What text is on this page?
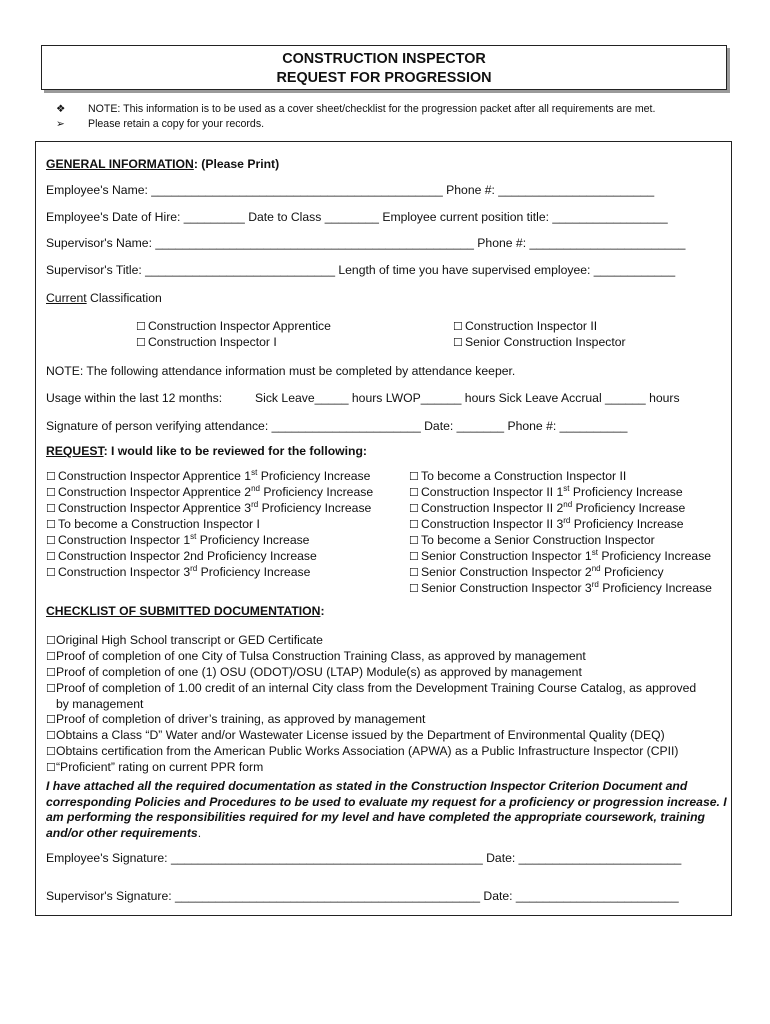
CONSTRUCTION INSPECTOR
REQUEST FOR PROGRESSION
❖	NOTE: This information is to be used as a cover sheet/checklist for the progression packet after all requirements are met.
➢	Please retain a copy for your records.
GENERAL INFORMATION: (Please Print)
Employee's Name: ___________________________________________ Phone #: _______________________
Employee's Date of Hire: _________ Date to Class ________ Employee current position title: _________________
Supervisor's Name: _______________________________________________ Phone #: _______________________
Supervisor's Title: ____________________________ Length of time you have supervised employee: ____________
Current Classification
☐ Construction Inspector Apprentice
☐ Construction Inspector I
☐ Construction Inspector II
☐ Senior Construction Inspector
NOTE: The following attendance information must be completed by attendance keeper.
Usage within the last 12 months:	Sick Leave_____ hours LWOP______ hours Sick Leave Accrual ______ hours
Signature of person verifying attendance: ______________________ Date: _______ Phone #: __________
REQUEST: I would like to be reviewed for the following:
☐ Construction Inspector Apprentice 1st Proficiency Increase
☐ Construction Inspector Apprentice 2nd Proficiency Increase
☐ Construction Inspector Apprentice 3rd Proficiency Increase
☐ To become a Construction Inspector I
☐ Construction Inspector 1st Proficiency Increase
☐ Construction Inspector 2nd Proficiency Increase
☐ Construction Inspector 3rd Proficiency Increase
☐ To become a Construction Inspector II
☐ Construction Inspector II 1st Proficiency Increase
☐ Construction Inspector II 2nd Proficiency Increase
☐ Construction Inspector II 3rd Proficiency Increase
☐ To become a Senior Construction Inspector
☐ Senior Construction Inspector 1st Proficiency Increase
☐ Senior Construction Inspector 2nd Proficiency
☐ Senior Construction Inspector 3rd Proficiency Increase
CHECKLIST OF SUBMITTED DOCUMENTATION:
☐Original High School transcript or GED Certificate
☐Proof of completion of one City of Tulsa Construction Training Class, as approved by management
☐Proof of completion of one (1) OSU (ODOT)/OSU (LTAP) Module(s) as approved by management
☐Proof of completion of 1.00 credit of an internal City class from the Development Training Course Catalog, as approved
by management
☐Proof of completion of driver’s training, as approved by management
☐Obtains a Class “D” Water and/or Wastewater License issued by the Department of Environmental Quality (DEQ)
☐Obtains certification from the American Public Works Association (APWA) as a Public Infrastructure Inspector (CPII)
☐“Proficient” rating on current PPR form
I have attached all the required documentation as stated in the Construction Inspector Criterion Document and corresponding Policies and Procedures to be used to evaluate my request for a proficiency or progression increase. I am performing the responsibilities required for my level and have completed the appropriate coursework, training and/or other requirements.
Employee's Signature: ______________________________________________ Date: ________________________
Supervisor's Signature: _____________________________________________ Date: ________________________
